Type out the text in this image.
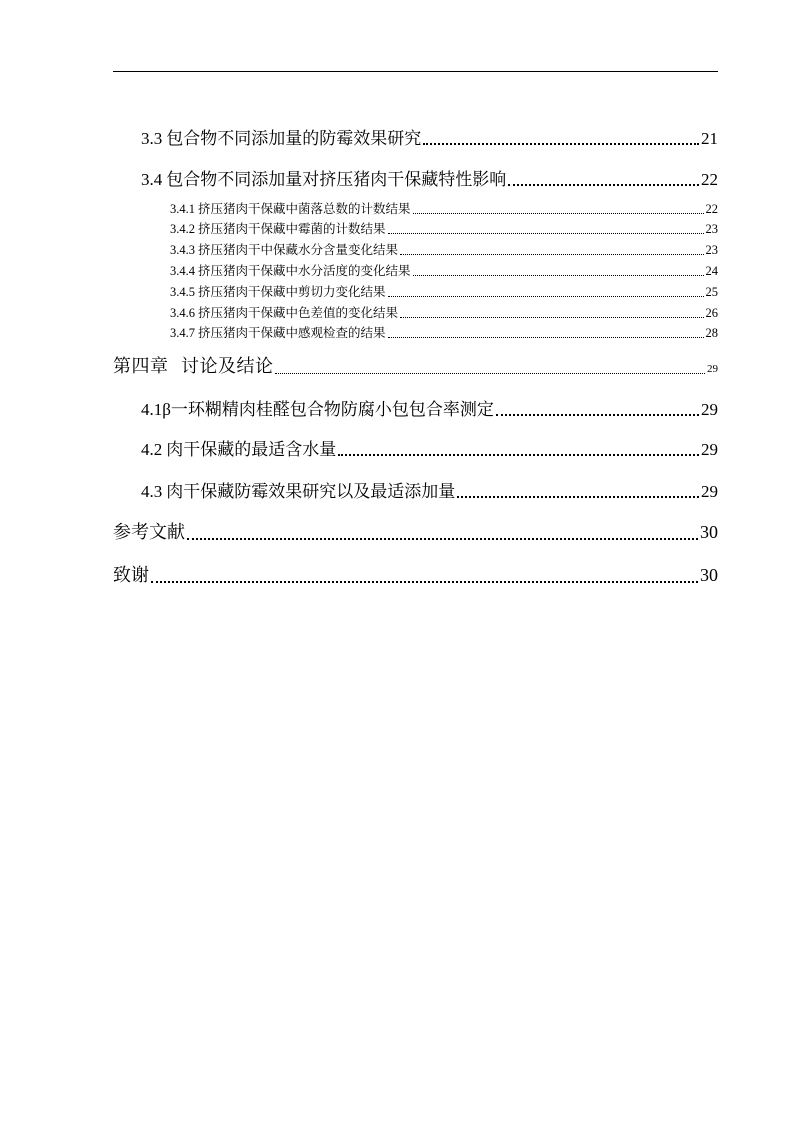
3.3 包合物不同添加量的防霉效果研究	21
3.4 包合物不同添加量对挤压猪肉干保藏特性影响	22
3.4.1 挤压猪肉干保藏中菌落总数的计数结果	22
3.4.2 挤压猪肉干保藏中霉菌的计数结果	23
3.4.3 挤压猪肉干中保藏水分含量变化结果	23
3.4.4 挤压猪肉干保藏中水分活度的变化结果	24
3.4.5 挤压猪肉干保藏中剪切力变化结果	25
3.4.6 挤压猪肉干保藏中色差值的变化结果	26
3.4.7 挤压猪肉干保藏中感观检查的结果	28
第四章  讨论及结论	29
4.1β 一环糊精肉桂醛包合物防腐小包包合率测定	29
4.2 肉干保藏的最适含水量	29
4.3 肉干保藏防霉效果研究以及最适添加量	29
参考文献	30
致谢	30
